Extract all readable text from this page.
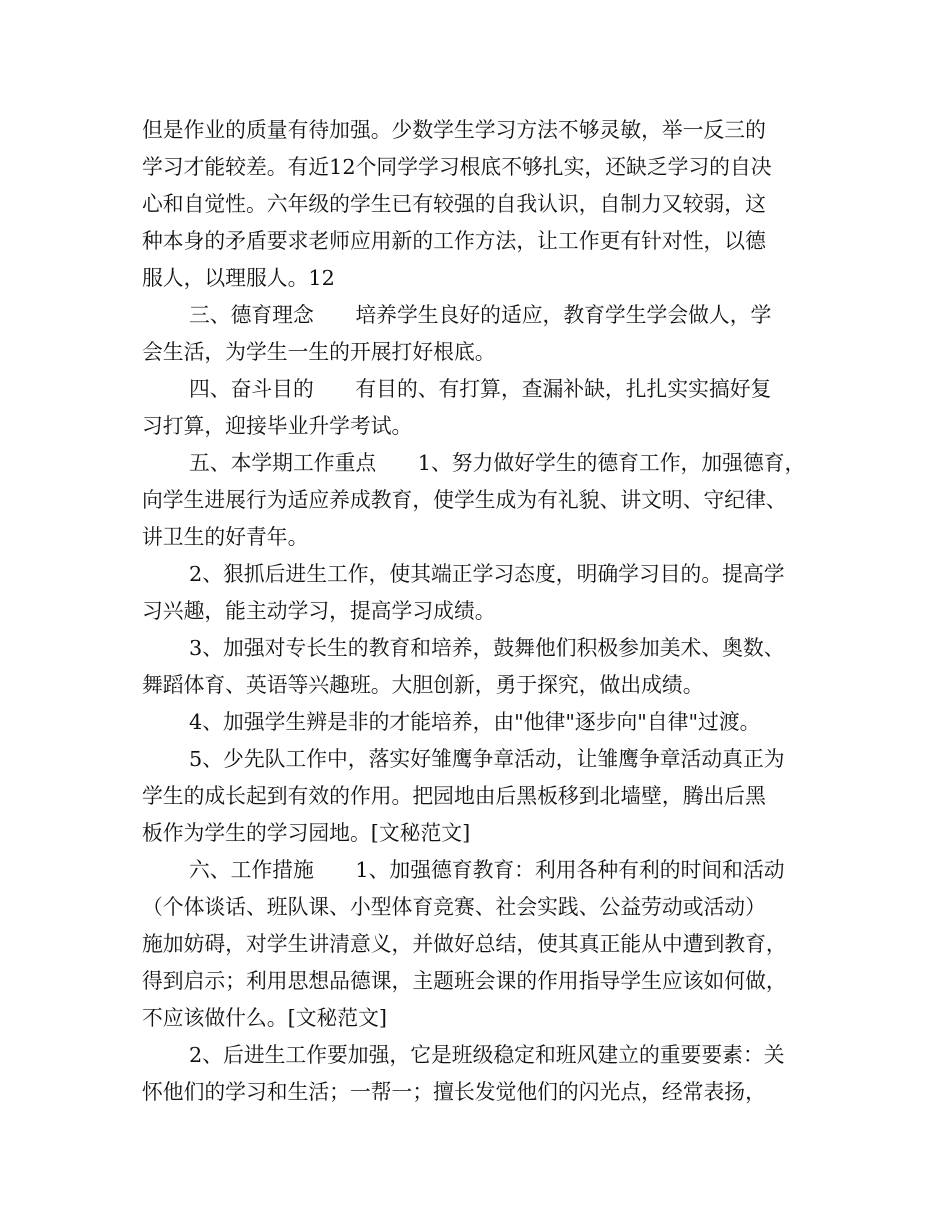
但是作业的质量有待加强。少数学生学习方法不够灵敏，举一反三的

学习才能较差。有近12个同学学习根底不够扎实，还缺乏学习的自决

心和自觉性。六年级的学生已有较强的自我认识，自制力又较弱，这

种本身的矛盾要求老师应用新的工作方法，让工作更有针对性，以德

服人，以理服人。12

三、德育理念　　培养学生良好的适应，教育学生学会做人，学

会生活，为学生一生的开展打好根底。

四、奋斗目的　　有目的、有打算，查漏补缺，扎扎实实搞好复

习打算，迎接毕业升学考试。

五、本学期工作重点　　1、努力做好学生的德育工作，加强德育，

向学生进展行为适应养成教育，使学生成为有礼貌、讲文明、守纪律、

讲卫生的好青年。

2、狠抓后进生工作，使其端正学习态度，明确学习目的。提高学

习兴趣，能主动学习，提高学习成绩。

3、加强对专长生的教育和培养，鼓舞他们积极参加美术、奥数、

舞蹈体育、英语等兴趣班。大胆创新，勇于探究，做出成绩。

4、加强学生辨是非的才能培养，由"他律"逐步向"自律"过渡。

5、少先队工作中，落实好雏鹰争章活动，让雏鹰争章活动真正为

学生的成长起到有效的作用。把园地由后黑板移到北墙壁，腾出后黑

板作为学生的学习园地。[文秘范文]

六、工作措施　　1、加强德育教育：利用各种有利的时间和活动

（个体谈话、班队课、小型体育竞赛、社会实践、公益劳动或活动）

施加妨碍，对学生讲清意义，并做好总结，使其真正能从中遭到教育，

得到启示；利用思想品德课，主题班会课的作用指导学生应该如何做，

不应该做什么。[文秘范文]

2、后进生工作要加强，它是班级稳定和班风建立的重要要素：关

怀他们的学习和生活；一帮一；擅长发觉他们的闪光点，经常表扬，
